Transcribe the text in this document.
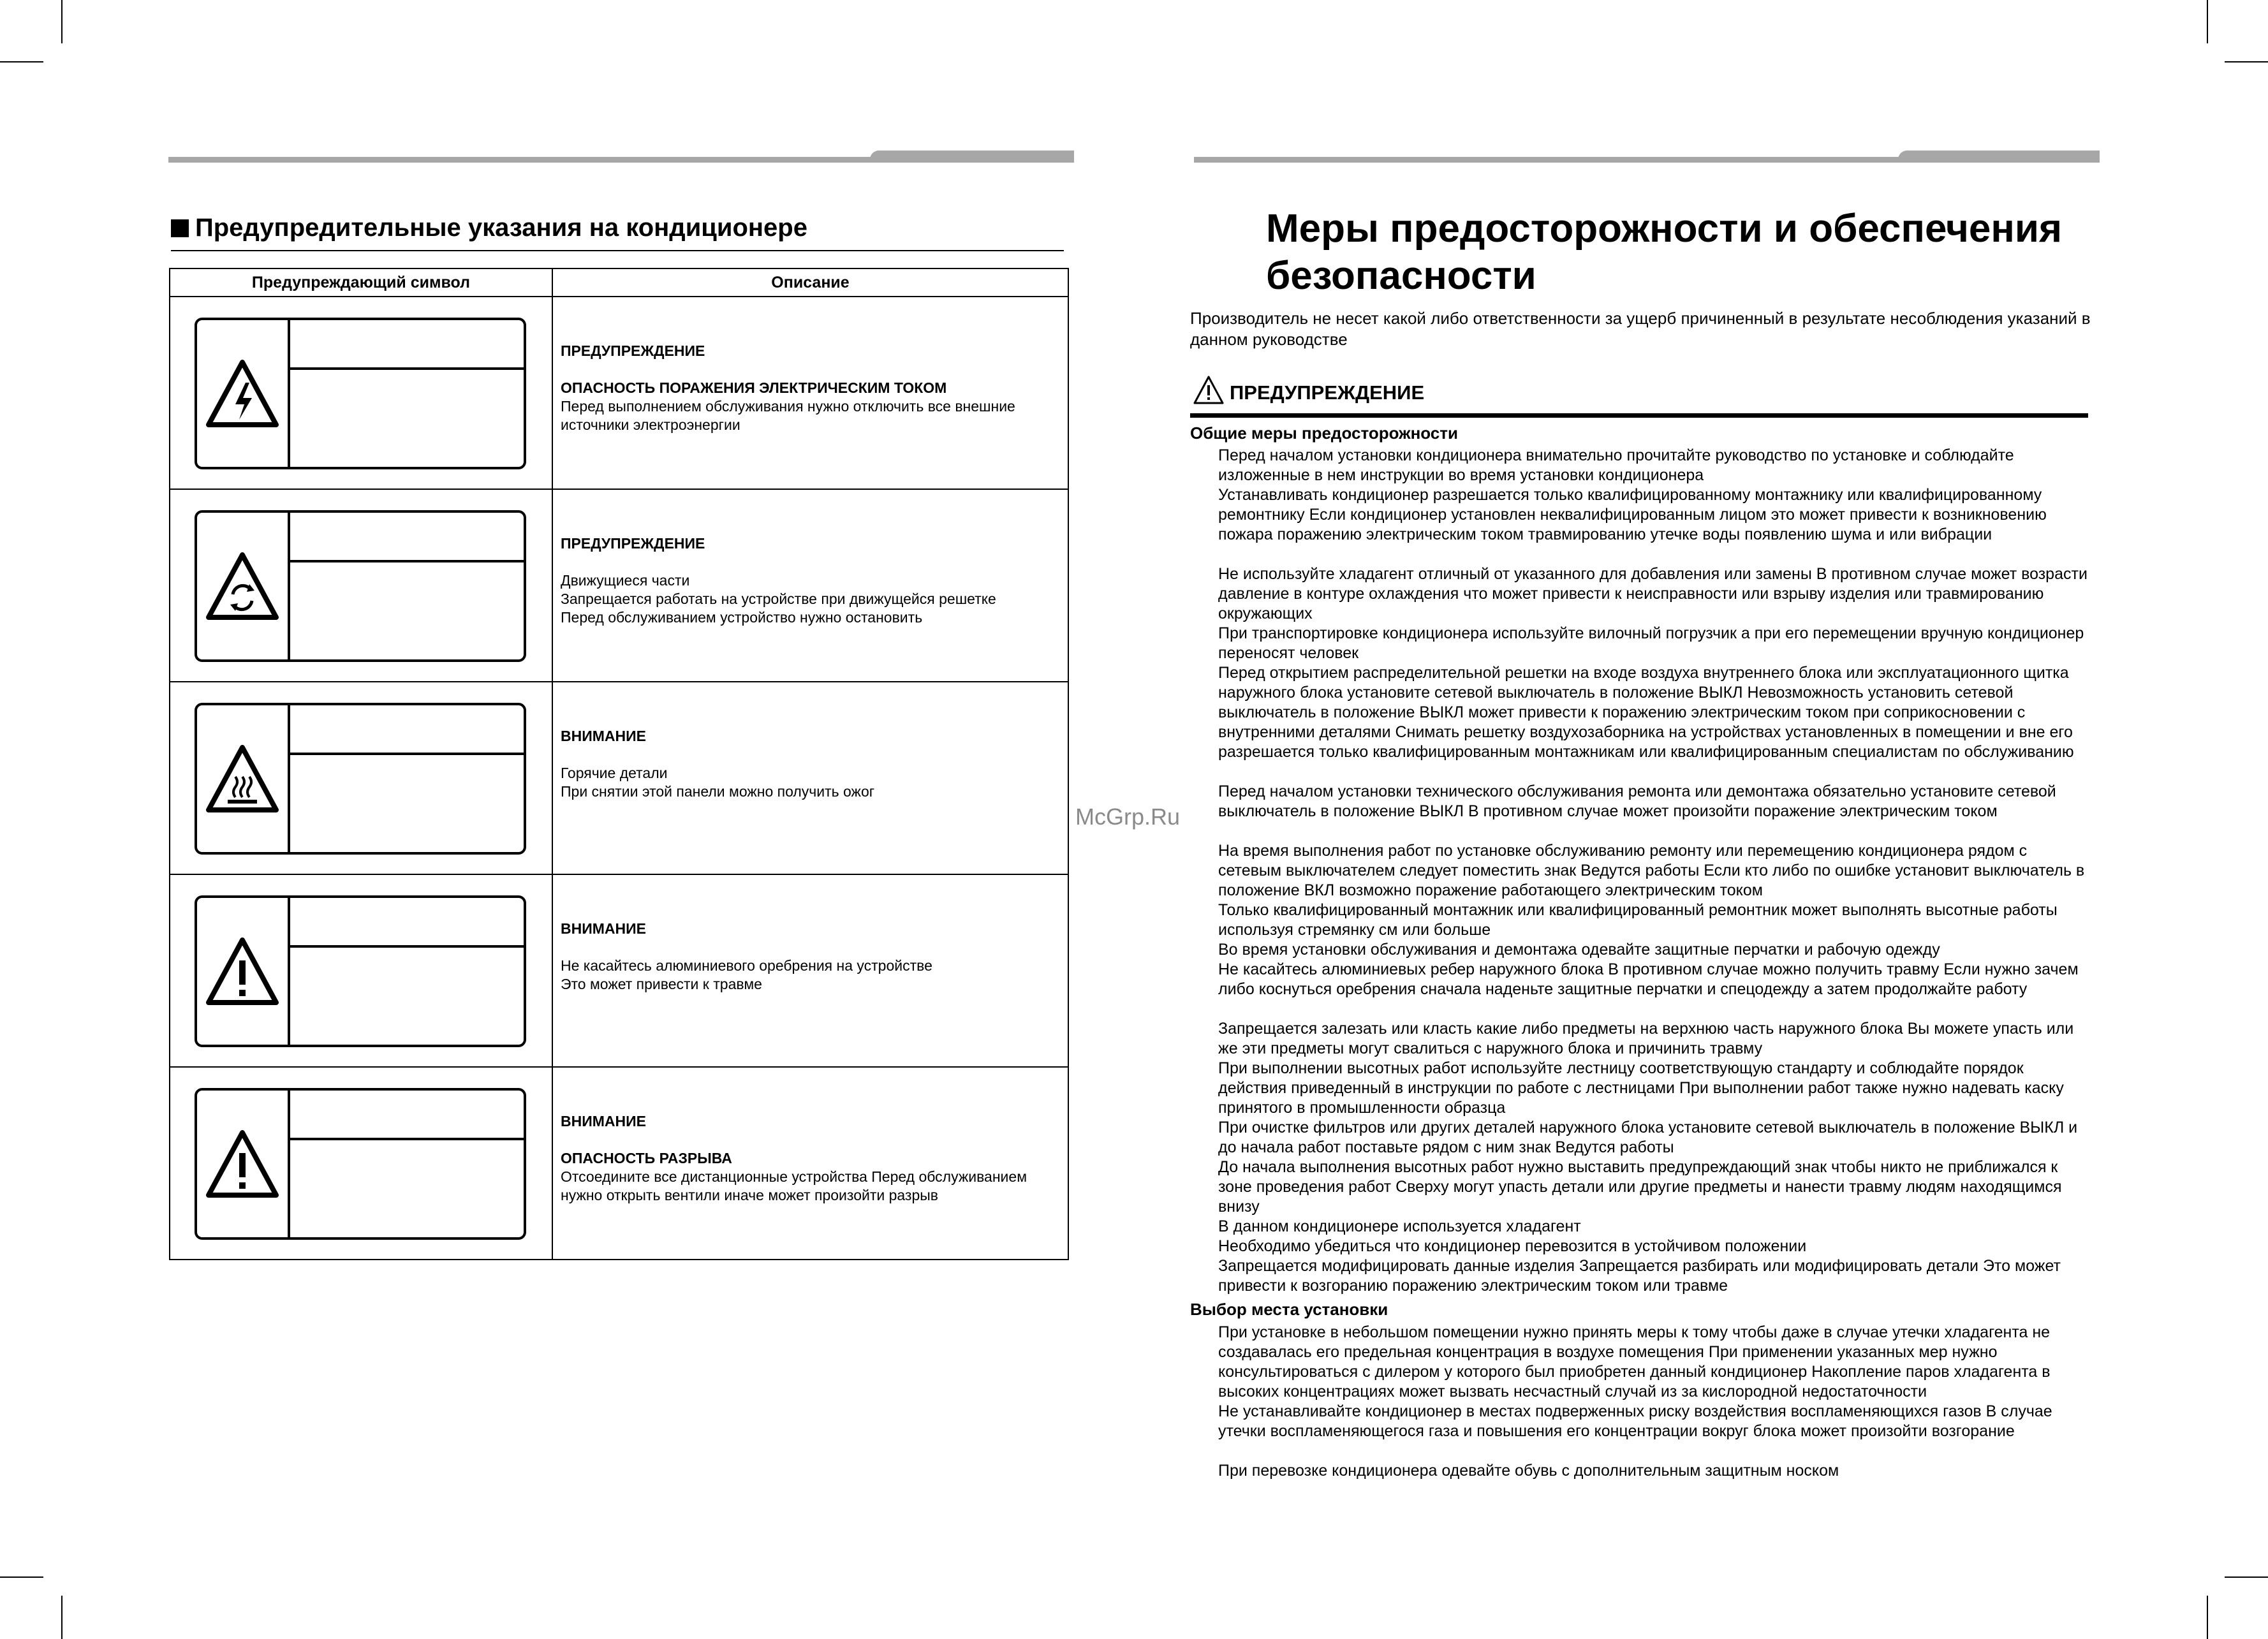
Предупредительные указания на кондиционере
Предупреждающий символ	Описание

ПРЕДУПРЕЖДЕНИЕ
ОПАСНОСТЬ ПОРАЖЕНИЯ ЭЛЕКТРИЧЕСКИМ ТОКОМ
Перед выполнением обслуживания нужно отключить все внешние источники электроэнергии

ПРЕДУПРЕЖДЕНИЕ
Движущиеся части
Запрещается работать на устройстве при движущейся решетке
Перед обслуживанием устройство нужно остановить

ВНИМАНИЕ
Горячие детали
При снятии этой панели можно получить ожог

ВНИМАНИЕ
Не касайтесь алюминиевого оребрения на устройстве
Это может привести к травме

ВНИМАНИЕ
ОПАСНОСТЬ РАЗРЫВА
Отсоедините все дистанционные устройства Перед обслуживанием нужно открыть вентили иначе может произойти разрыв
McGrp.Ru
Меры предосторожности и обеспечения безопасности
Производитель не несет какой либо ответственности за ущерб причиненный в результате несоблюдения указаний в данном руководстве
ПРЕДУПРЕЖДЕНИЕ
Общие меры предосторожности
Перед началом установки кондиционера внимательно прочитайте руководство по установке и соблюдайте изложенные в нем инструкции во время установки кондиционера
Устанавливать кондиционер разрешается только квалифицированному монтажнику или квалифицированному ремонтнику Если кондиционер установлен неквалифицированным лицом это может привести к возникновению пожара поражению электрическим током травмированию утечке воды появлению шума и или вибрации
Не используйте хладагент отличный от указанного для добавления или замены В противном случае может возрасти давление в контуре охлаждения что может привести к неисправности или взрыву изделия или травмированию окружающих
При транспортировке кондиционера используйте вилочный погрузчик а при его перемещении вручную кондиционер переносят человек
Перед открытием распределительной решетки на входе воздуха внутреннего блока или эксплуатационного щитка наружного блока установите сетевой выключатель в положение ВЫКЛ Невозможность установить сетевой выключатель в положение ВЫКЛ может привести к поражению электрическим током при соприкосновении с внутренними деталями Снимать решетку воздухозаборника на устройствах установленных в помещении и вне его разрешается только квалифицированным монтажникам или квалифицированным специалистам по обслуживанию
Перед началом установки технического обслуживания ремонта или демонтажа обязательно установите сетевой выключатель в положение ВЫКЛ В противном случае может произойти поражение электрическим током
На время выполнения работ по установке обслуживанию ремонту или перемещению кондиционера рядом с сетевым выключателем следует поместить знак Ведутся работы Если кто либо по ошибке установит выключатель в положение ВКЛ возможно поражение работающего электрическим током
Только квалифицированный монтажник или квалифицированный ремонтник может выполнять высотные работы используя стремянку см или больше
Во время установки обслуживания и демонтажа одевайте защитные перчатки и рабочую одежду
Не касайтесь алюминиевых ребер наружного блока В противном случае можно получить травму Если нужно зачем либо коснуться оребрения сначала наденьте защитные перчатки и спецодежду а затем продолжайте работу
Запрещается залезать или класть какие либо предметы на верхнюю часть наружного блока Вы можете упасть или же эти предметы могут свалиться с наружного блока и причинить травму
При выполнении высотных работ используйте лестницу соответствующую стандарту и соблюдайте порядок действия приведенный в инструкции по работе с лестницами При выполнении работ также нужно надевать каску принятого в промышленности образца
При очистке фильтров или других деталей наружного блока установите сетевой выключатель в положение ВЫКЛ и до начала работ поставьте рядом с ним знак Ведутся работы
До начала выполнения высотных работ нужно выставить предупреждающий знак чтобы никто не приближался к зоне проведения работ Сверху могут упасть детали или другие предметы и нанести травму людям находящимся внизу
В данном кондиционере используется хладагент
Необходимо убедиться что кондиционер перевозится в устойчивом положении
Запрещается модифицировать данные изделия Запрещается разбирать или модифицировать детали Это может привести к возгоранию поражению электрическим током или травме
Выбор места установки
При установке в небольшом помещении нужно принять меры к тому чтобы даже в случае утечки хладагента не создавалась его предельная концентрация в воздухе помещения При применении указанных мер нужно консультироваться с дилером у которого был приобретен данный кондиционер Накопление паров хладагента в высоких концентрациях может вызвать несчастный случай из за кислородной недостаточности
Не устанавливайте кондиционер в местах подверженных риску воздействия воспламеняющихся газов В случае утечки воспламеняющегося газа и повышения его концентрации вокруг блока может произойти возгорание
При перевозке кондиционера одевайте обувь с дополнительным защитным носком
